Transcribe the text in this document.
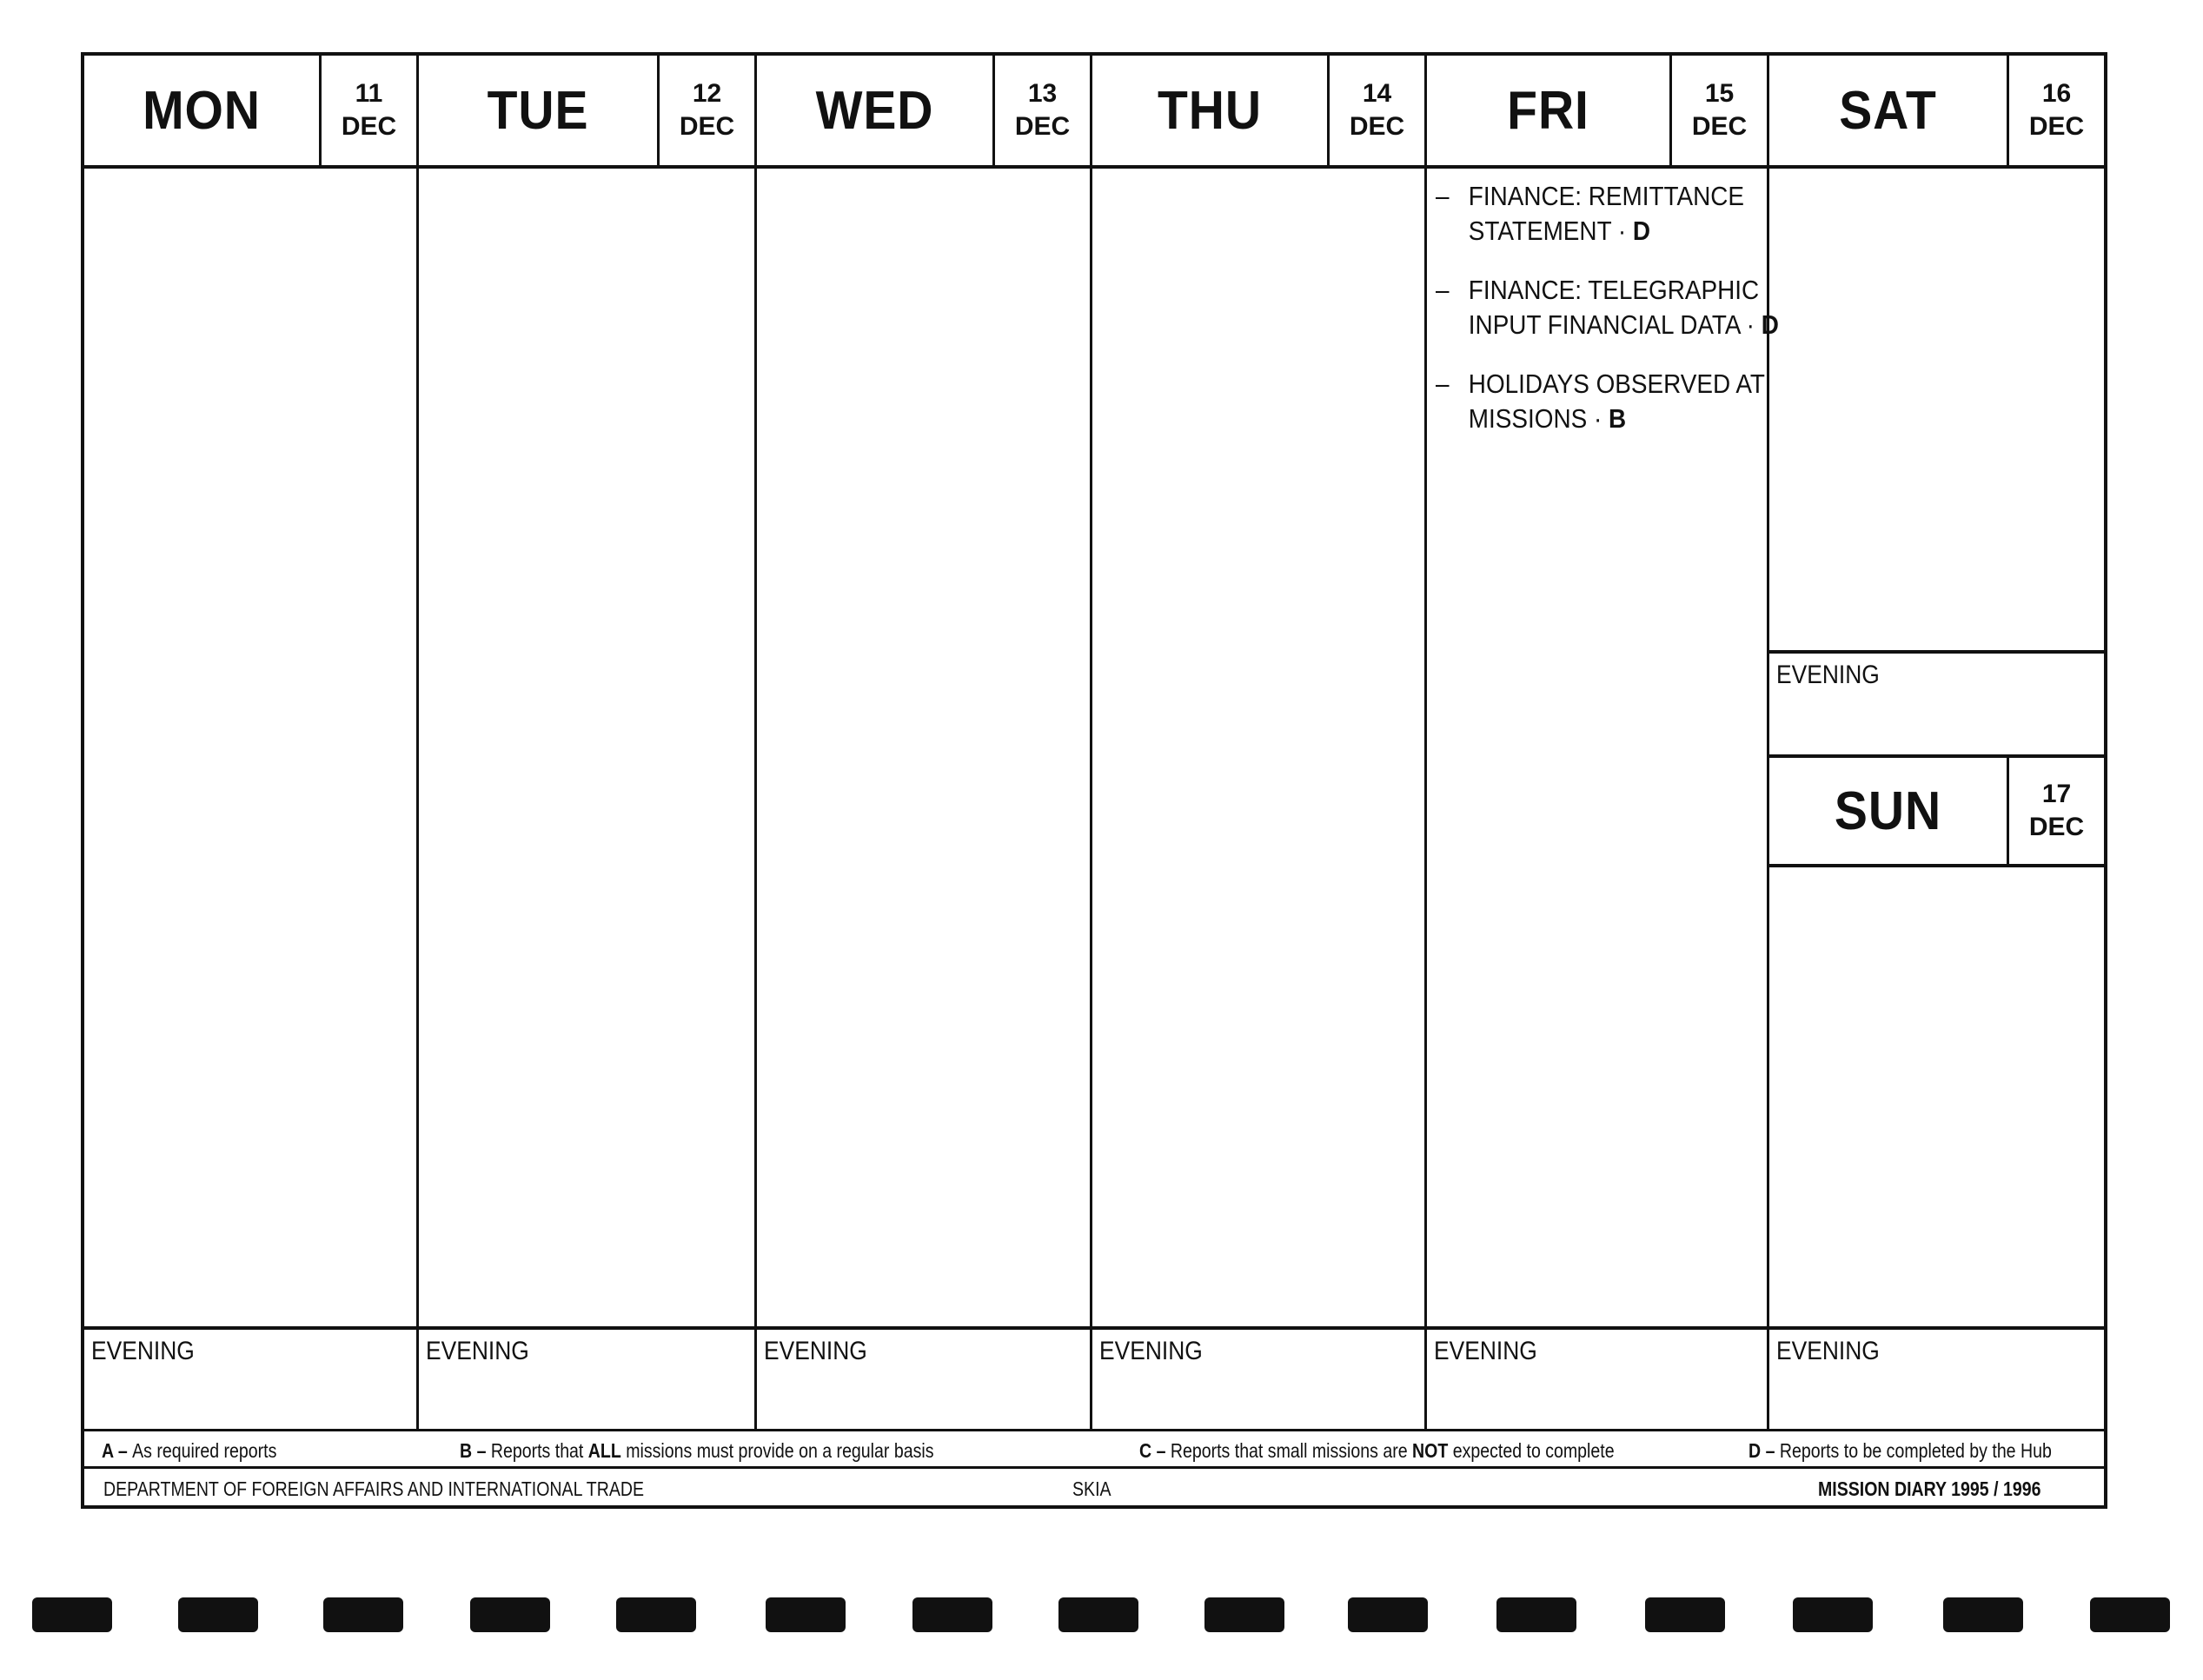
MON	11
DEC
EVENING
TUE	12
DEC
EVENING
WED	13
DEC
EVENING
THU	14
DEC
EVENING
FRI	15
DEC
– FINANCE: REMITTANCE STATEMENT · D
– FINANCE: TELEGRAPHIC INPUT FINANCIAL DATA · D
– HOLIDAYS OBSERVED AT MISSIONS · B
EVENING
SAT	16
DEC
EVENING
SUN	17
DEC
EVENING
A – As required reports	B – Reports that ALL missions must provide on a regular basis	C – Reports that small missions are NOT expected to complete	D – Reports to be completed by the Hub
DEPARTMENT OF FOREIGN AFFAIRS AND INTERNATIONAL TRADE	SKIA	MISSION DIARY 1995 / 1996
